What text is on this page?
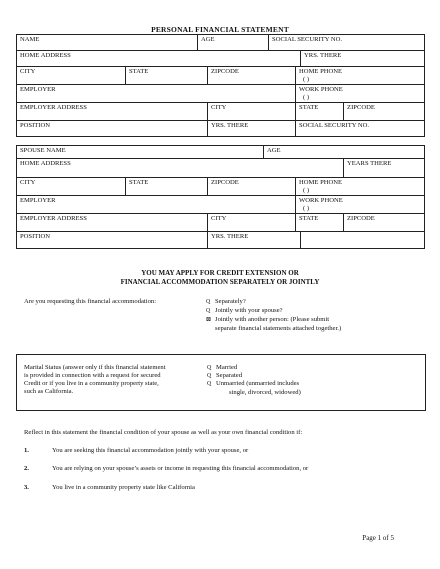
PERSONAL FINANCIAL STATEMENT
NAME		AGE		SOCIAL SECURITY NO.			
HOME ADDRESS						YRS. THERE	
CITY	STATE		ZIPCODE		HOME PHONE
( )		
EMPLOYER					WORK PHONE
( )		
EMPLOYER ADDRESS			CITY		STATE		ZIPCODE
POSITION			YRS. THERE		SOCIAL SECURITY NO.		
SPOUSE NAME			AGE			
HOME ADDRESS						YEARS THERE
CITY	STATE	ZIPCODE		HOME PHONE
( )		
EMPLOYER				WORK PHONE
( )		
EMPLOYER ADDRESS		CITY		STATE		ZIPCODE
POSITION		YRS. THERE				
YOU MAY APPLY FOR CREDIT EXTENSION OR
FINANCIAL ACCOMMODATION SEPARATELY OR JOINTLY
Are you requesting this financial accommodation:	Q Separately?
Q Jointly with your spouse?
⊠ Jointly with another person: (Please submit
separate financial statements attached together.)
Marital Status (answer only if this financial statement
is provided in connection with a request for secured
Credit or if you live in a community property state,
such as California.
Q Married
Q Separated
Q Unmarried (unmarried includes
single, divorced, widowed)
Reflect in this statement the financial condition of your spouse as well as your own financial condition if:
1.	You are seeking this financial accommodation jointly with your spouse, or
2.	You are relying on your spouse’s assets or income in requesting this financial accommodation, or
3.	You live in a community property state like California
Page 1 of 5
